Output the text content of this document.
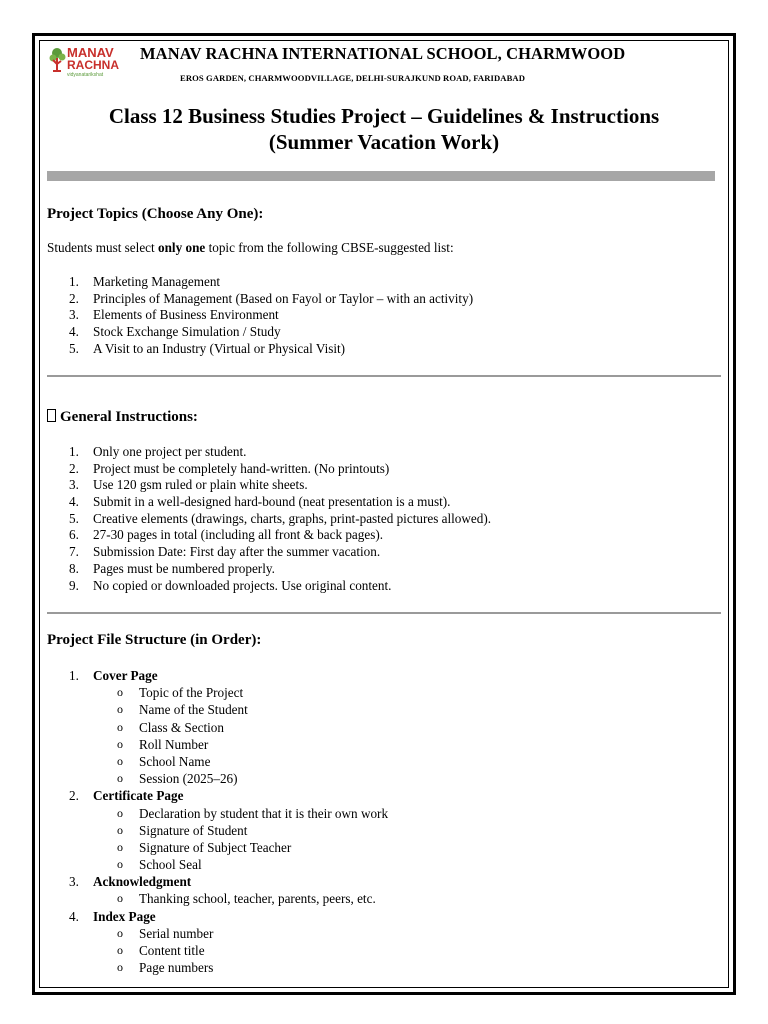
MANAV
RACHNA
vidyanatarikshat
MANAV RACHNA INTERNATIONAL SCHOOL, CHARMWOOD
EROS GARDEN, CHARMWOODVILLAGE, DELHI-SURAJKUND ROAD, FARIDABAD
Class 12 Business Studies Project – Guidelines & Instructions
(Summer Vacation Work)
Project Topics (Choose Any One):
Students must select only one topic from the following CBSE-suggested list:
1.	Marketing Management
2.	Principles of Management (Based on Fayol or Taylor – with an activity)
3.	Elements of Business Environment
4.	Stock Exchange Simulation / Study
5.	A Visit to an Industry (Virtual or Physical Visit)
General Instructions:
1.	Only one project per student.
2.	Project must be completely hand-written. (No printouts)
3.	Use 120 gsm ruled or plain white sheets.
4.	Submit in a well-designed hard-bound (neat presentation is a must).
5.	Creative elements (drawings, charts, graphs, print-pasted pictures allowed).
6.	27-30 pages in total (including all front & back pages).
7.	Submission Date: First day after the summer vacation.
8.	Pages must be numbered properly.
9.	No copied or downloaded projects. Use original content.
Project File Structure (in Order):
1.	Cover Page
o Topic of the Project
o Name of the Student
o Class & Section
o Roll Number
o School Name
o Session (2025–26)
2.	Certificate Page
o Declaration by student that it is their own work
o Signature of Student
o Signature of Subject Teacher
o School Seal
3.	Acknowledgment
o Thanking school, teacher, parents, peers, etc.
4.	Index Page
o Serial number
o Content title
o Page numbers
